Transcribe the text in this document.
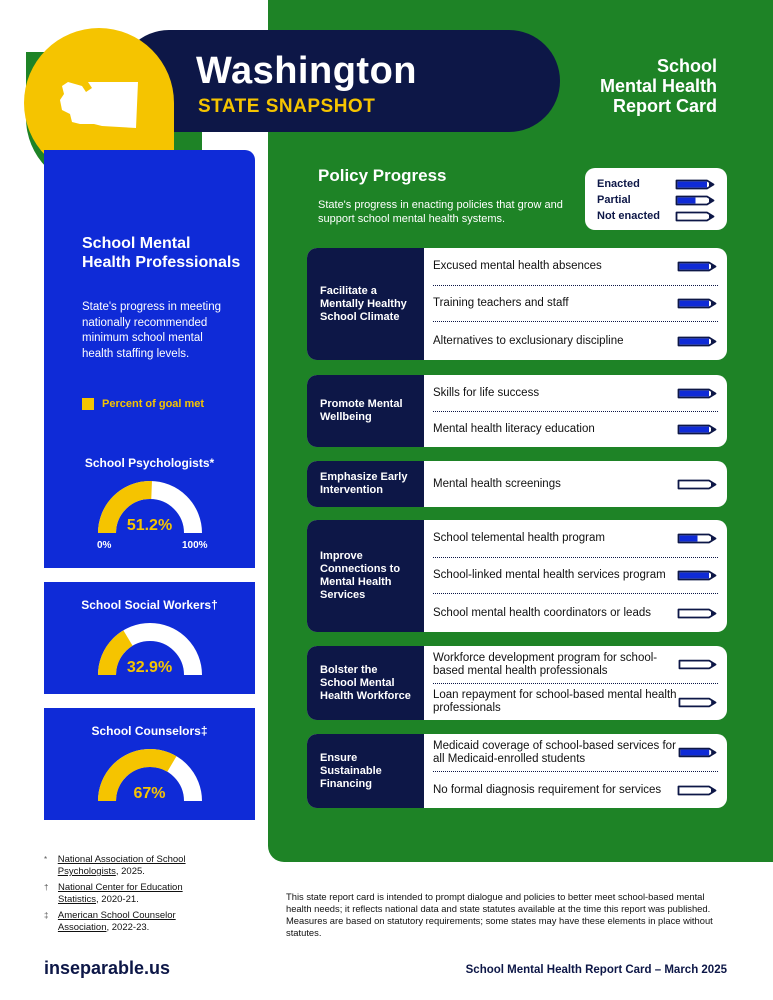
Washington
STATE SNAPSHOT
School
Mental Health
Report Card
School Mental Health Professionals
State's progress in meeting nationally recommended minimum school mental health staffing levels.
Percent of goal met
School Psychologists*
51.2%
0%	100%
School Social Workers†
32.9%
School Counselors‡
67%
Policy Progress
State's progress in enacting policies that grow and support school mental health systems.
Enacted
Partial
Not enacted
Facilitate a Mentally Healthy School Climate
Excused mental health absences
Training teachers and staff
Alternatives to exclusionary discipline
Promote Mental Wellbeing
Skills for life success
Mental health literacy education
Emphasize Early Intervention
Mental health screenings
Improve Connections to Mental Health Services
School telemental health program
School-linked mental health services program
School mental health coordinators or leads
Bolster the School Mental Health Workforce
Workforce development program for school-based mental health professionals
Loan repayment for school-based mental health professionals
Ensure Sustainable Financing
Medicaid coverage of school-based services for all Medicaid-enrolled students
No formal diagnosis requirement for services
* National Association of School Psychologists, 2025.
† National Center for Education Statistics, 2020-21.
‡ American School Counselor Association, 2022-23.
This state report card is intended to prompt dialogue and policies to better meet school-based mental health needs; it reflects national data and state statutes available at the time this report was published. Measures are based on statutory requirements; some states may have these elements in place without statutes.
inseparable.us	School Mental Health Report Card – March 2025
